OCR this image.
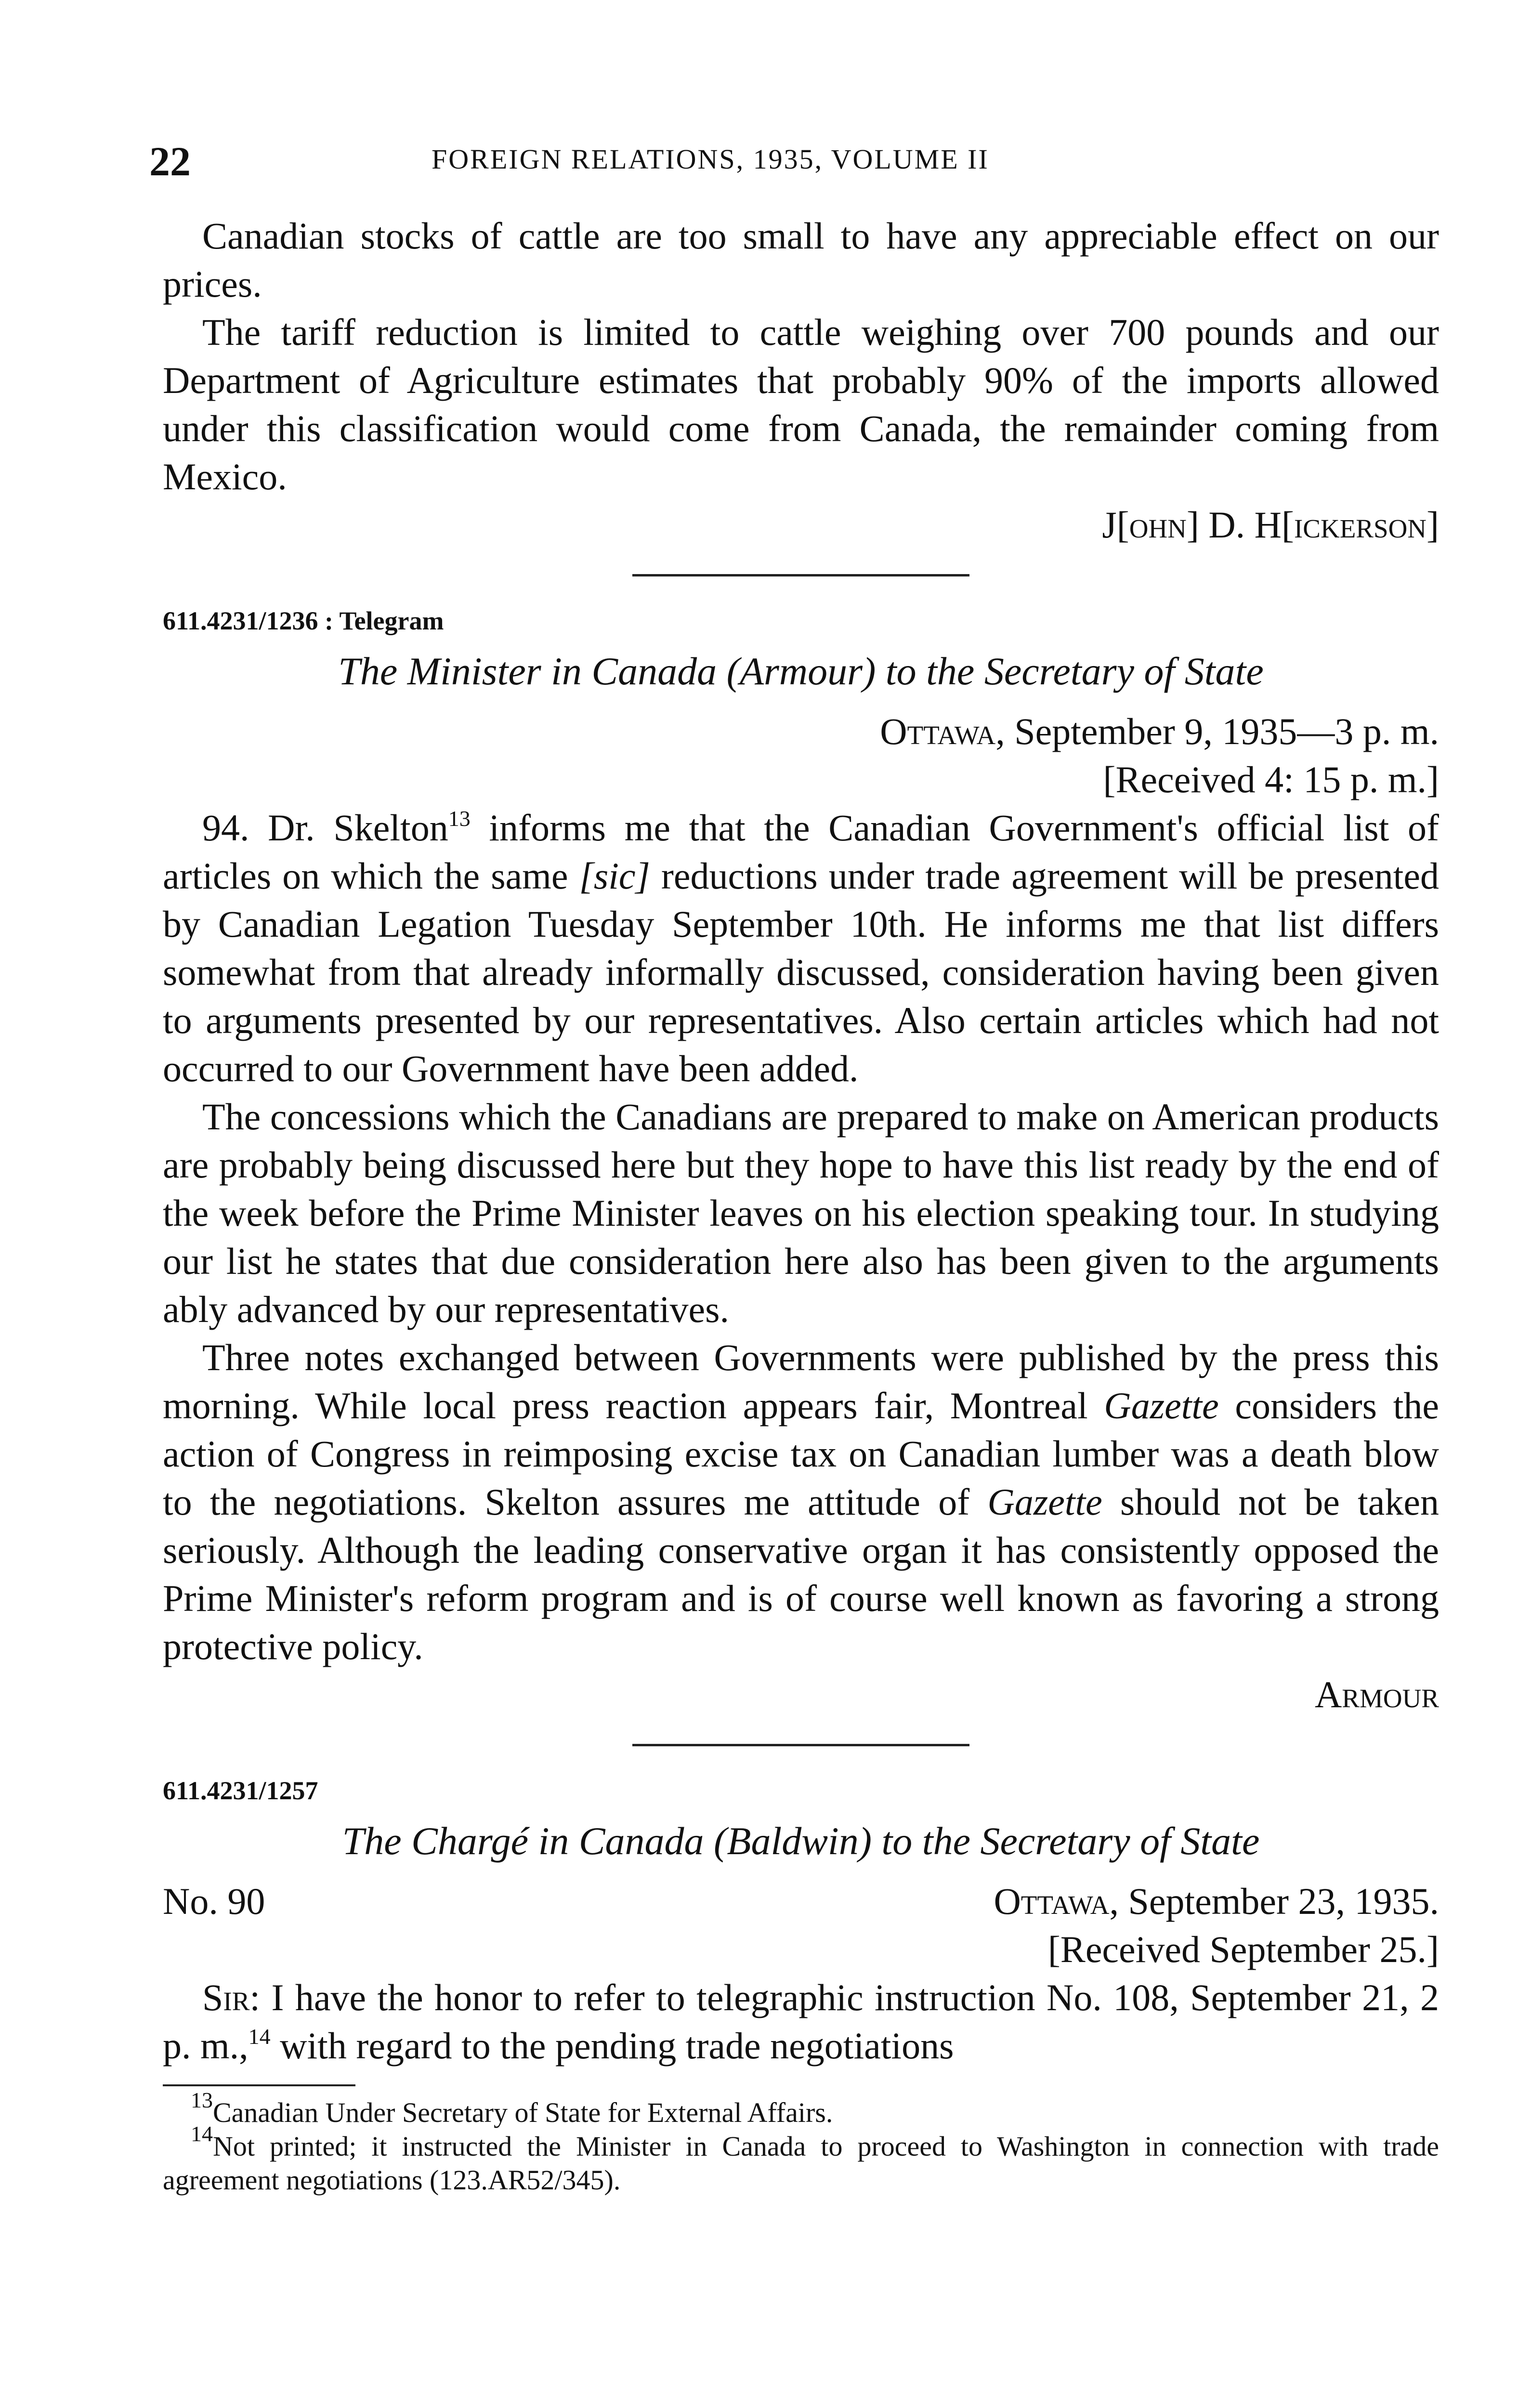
22	FOREIGN RELATIONS, 1935, VOLUME II

Canadian stocks of cattle are too small to have any appreciable effect on our prices.

The tariff reduction is limited to cattle weighing over 700 pounds and our Department of Agriculture estimates that probably 90% of the imports allowed under this classification would come from Canada, the remainder coming from Mexico.

J[ohn] D. H[ickerson]
611.4231/1236 : Telegram
The Minister in Canada (Armour) to the Secretary of State
Ottawa, September 9, 1935—3 p. m.
[Received 4: 15 p. m.]

94. Dr. Skelton$^{13}$ informs me that the Canadian Government's official list of articles on which the same [sic] reductions under trade agreement will be presented by Canadian Legation Tuesday September 10th. He informs me that list differs somewhat from that already informally discussed, consideration having been given to arguments presented by our representatives. Also certain articles which had not occurred to our Government have been added.

The concessions which the Canadians are prepared to make on American products are probably being discussed here but they hope to have this list ready by the end of the week before the Prime Minister leaves on his election speaking tour. In studying our list he states that due consideration here also has been given to the arguments ably advanced by our representatives.

Three notes exchanged between Governments were published by the press this morning. While local press reaction appears fair, Montreal Gazette considers the action of Congress in reimposing excise tax on Canadian lumber was a death blow to the negotiations. Skelton assures me attitude of Gazette should not be taken seriously. Although the leading conservative organ it has consistently opposed the Prime Minister's reform program and is of course well known as favoring a strong protective policy.

Armour
611.4231/1257
The Chargé in Canada (Baldwin) to the Secretary of State
No. 90	Ottawa, September 23, 1935.
[Received September 25.]

Sir: I have the honor to refer to telegraphic instruction No. 108, September 21, 2 p. m.,$^{14}$ with regard to the pending trade negotiations

$^{13}$Canadian Under Secretary of State for External Affairs.

$^{14}$Not printed; it instructed the Minister in Canada to proceed to Washington in connection with trade agreement negotiations (123.AR52/345).
